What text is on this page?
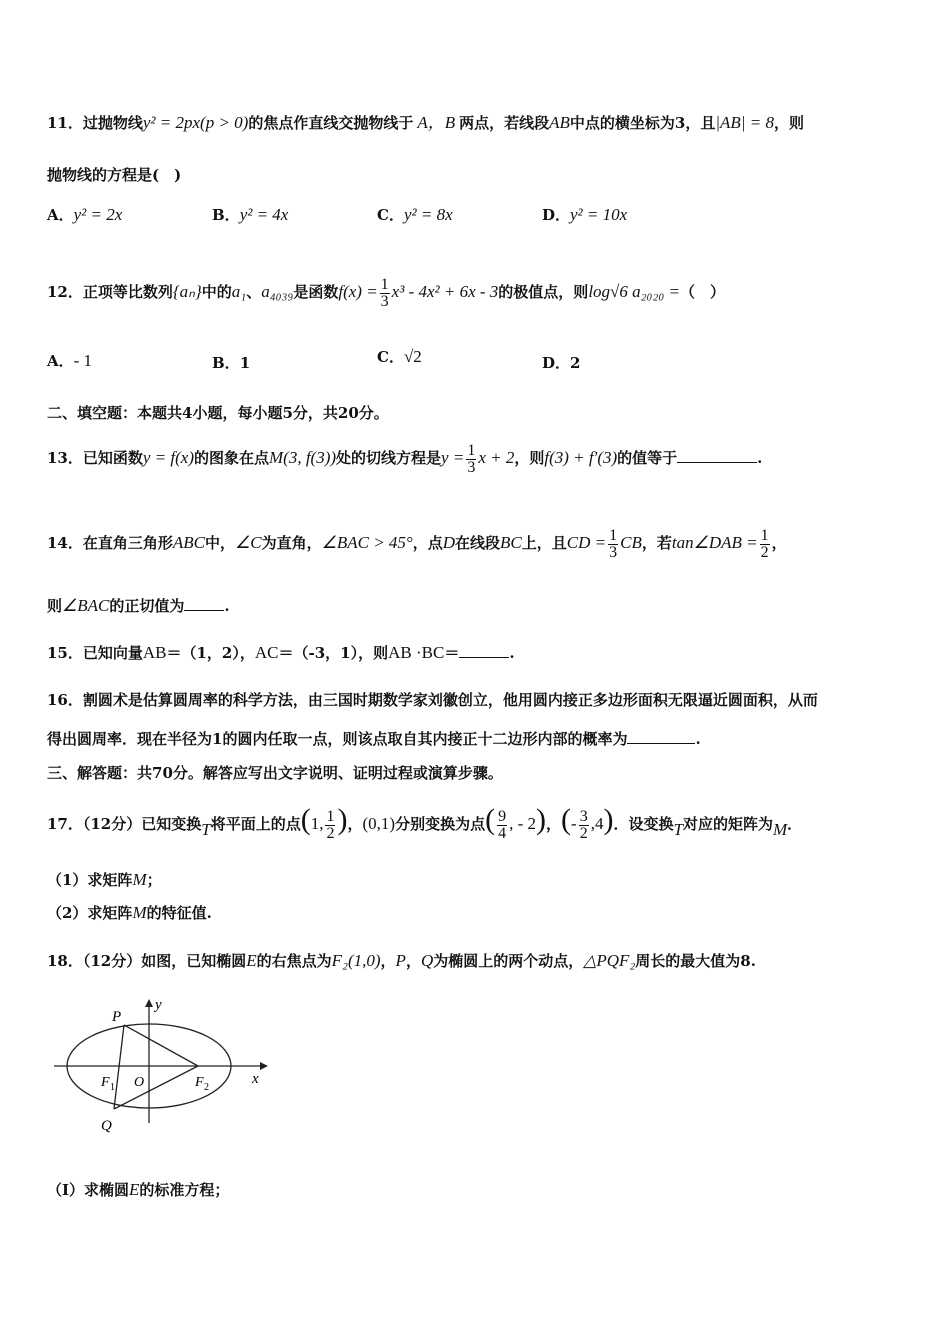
11．过抛物线y² = 2px(p > 0)的焦点作直线交抛物线于 A，B 两点，若线段AB中点的横坐标为3，且|AB| = 8，则
抛物线的方程是(　)
A．y² = 2x	B．y² = 4x	C．y² = 8x	D．y² = 10x
12．正项等比数列{aₙ}中的a₁、a₄₀₃₉是函数$f(x) = \frac{1}{3} x^3 - 4x^2 + 6x - 3$的极值点，则log√6 a₂₀₂₀ =（　）
A．- 1	B．1	C．√2	D．2
二、填空题：本题共4小题，每小题5分，共20分。
13．已知函数y = f(x)的图象在点M(3, f(3))处的切线方程是$y = \frac{1}{3}$ x + 2，则f(3) + f′(3)的值等于	.
14．在直角三角形ABC中，∠C为直角，∠BAC > 45°，点D在线段BC上，且CD = $\frac{1}{3}$ CB，若tan∠DAB = $\frac{1}{2}$ ，
则∠BAC的正切值为	.
15．已知向量AB＝（1，2），AC＝（-3，1），则AB ·BC＝	.
16．割圆术是估算圆周率的科学方法，由三国时期数学家刘徽创立，他用圆内接正多边形面积无限逼近圆面积，从而
得出圆周率．现在半径为1的圆内任取一点，则该点取自其内接正十二边形内部的概率为	.
三、解答题：共70分。解答应写出文字说明、证明过程或演算步骤。
17．（12分）已知变换T将平面上的点(1, $\frac{1}{2}$ )，(0,1)分别变换为点( $\frac{9}{4}$ , - 2)，(- $\frac{3}{2} ,4$)．设变换T对应的矩阵为M．
（1）求矩阵M；
（2）求矩阵M的特征值.
18．（12分）如图，已知椭圆E的右焦点为F₂(1,0)，P，Q为椭圆上的两个动点，△PQF₂周长的最大值为8.
P
Q
O
F 1	F 2
x
y
（Ⅰ）求椭圆E的标准方程；
